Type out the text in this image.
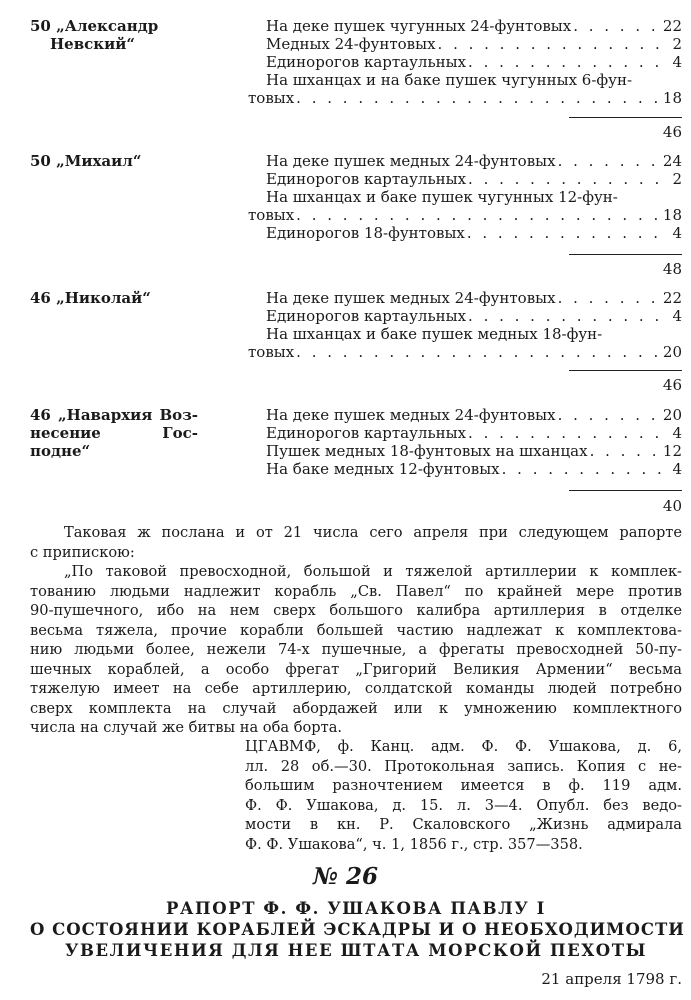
50 „Александр
Невский“
На деке пушек чугунных 24-фунтовых . . .	22
Медных 24-фунтовых . . .	2
Единорогов картаульных . . .	4
На шханцах и на баке пушек чугунных 6-фун-
товых . . .	18
46
50 „Михаил“	На деке пушек медных 24-фунтовых . . .	24
Единорогов картаульных . . .	2
На шханцах и баке пушек чугунных 12-фун-
товых . . .	18
Единорогов 18-фунтовых . . .	4
48
46 „Николай“	На деке пушек медных 24-фунтовых . . .	22
Единорогов картаульных . . .	4
На шханцах и баке пушек медных 18-фун-
товых . . .	20
46
46 „Навархия Воз-
несение Гос-
подне“
На деке пушек медных 24-фунтовых . . .	20
Единорогов картаульных . . .	4
Пушек медных 18-фунтовых на шханцах . . .	12
На баке медных 12-фунтовых . . .	4
40
Таковая ж послана и от 21 числа сего апреля при следующем рапорте
с припискою:
„По таковой превосходной, большой и тяжелой артиллерии к комплек-
тованию людьми надлежит корабль „Св. Павел“ по крайней мере против
90-пушечного, ибо на нем сверх большого калибра артиллерия в отделке
весьма тяжела, прочие корабли большей частию надлежат к комплектова-
нию людьми более, нежели 74-х пушечные, а фрегаты превосходней 50-пу-
шечных кораблей, а особо фрегат „Григорий Великия Армении“ весьма
тяжелую имеет на себе артиллерию, солдатской команды людей потребно
сверх комплекта на случай абордажей или к умножению комплектного
числа на случай же битвы на оба борта.
ЦГАВМФ, ф. Канц. адм. Ф. Ф. Ушакова, д. 6,
лл. 28 об.—30. Протокольная запись. Копия с не-
большим разночтением имеется в ф. 119 адм.
Ф. Ф. Ушакова, д. 15. л. 3—4. Опубл. без ведо-
мости в кн. Р. Скаловского „Жизнь адмирала
Ф. Ф. Ушакова“, ч. 1, 1856 г., стр. 357—358.
№ 26
РАПОРТ Ф. Ф. УШАКОВА ПАВЛУ I
О СОСТОЯНИИ КОРАБЛЕЙ ЭСКАДРЫ И О НЕОБХОДИМОСТИ
УВЕЛИЧЕНИЯ ДЛЯ НЕЕ ШТАТА МОРСКОЙ ПЕХОТЫ
21 апреля 1798 г.
